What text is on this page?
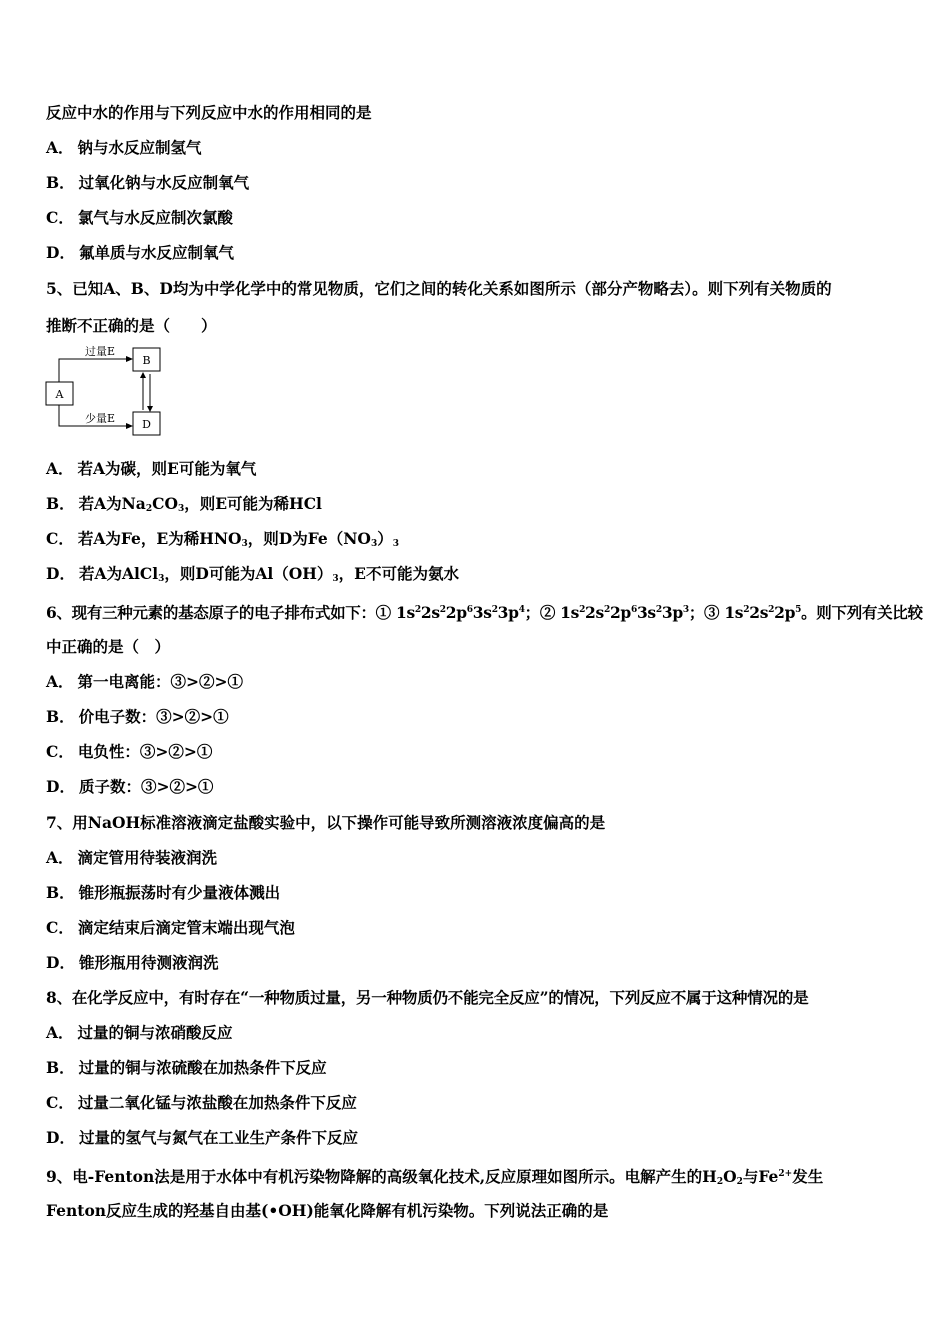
反应中水的作用与下列反应中水的作用相同的是
A． 钠与水反应制氢气
B． 过氧化钠与水反应制氧气
C． 氯气与水反应制次氯酸
D． 氟单质与水反应制氧气
5、已知A、B、D均为中学化学中的常见物质，它们之间的转化关系如图所示（部分产物略去）。则下列有关物质的
推断不正确的是（　　）
A
B
D
过量E
少量E
A． 若A为碳，则E可能为氧气
B． 若A为$Na_2CO_3$，则E可能为稀HCl
C． 若A为Fe，E为稀$HNO_3$，则D为$Fe(NO_3)_3$
D． 若A为AlCl$_3$，则D可能为$Al(OH)_3$，E不可能为氨水
6、现有三种元素的基态原子的电子排布式如下：① $1s^22s^22p^63s^23p^4$；② $1s^22s^22p^63s^23p^3$；③ $1s^22s^22p^5$。则下列有关比较
中正确的是（　）
A． 第一电离能：③>②>①
B． 价电子数：③>②>①
C． 电负性：③>②>①
D． 质子数：③>②>①
7、用NaOH标准溶液滴定盐酸实验中，以下操作可能导致所测溶液浓度偏高的是
A． 滴定管用待装液润洗
B． 锥形瓶振荡时有少量液体溅出
C． 滴定结束后滴定管末端出现气泡
D． 锥形瓶用待测液润洗
8、在化学反应中，有时存在“一种物质过量，另一种物质仍不能完全反应”的情况，下列反应不属于这种情况的是
A． 过量的铜与浓硝酸反应
B． 过量的铜与浓硫酸在加热条件下反应
C． 过量二氧化锰与浓盐酸在加热条件下反应
D． 过量的氢气与氮气在工业生产条件下反应
9、电-Fenton法是用于水体中有机污染物降解的高级氧化技术,反应原理如图所示。电解产生的$H_2O_2$与$Fe^{2+}$发生
Fenton反应生成的羟基自由基(•OH)能氧化降解有机污染物。下列说法正确的是
